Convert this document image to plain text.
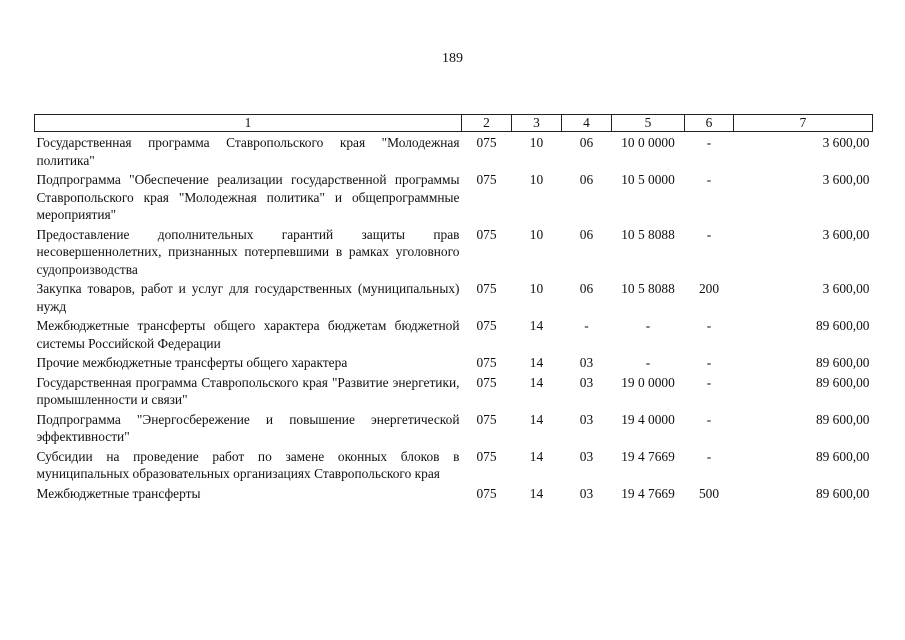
189
1	2	3	4	5	6	7
Государственная программа Ставропольского края "Молодежная политика"	075	10	06	10 0 0000	-	3 600,00
Подпрограмма "Обеспечение реализации государственной программы Ставропольского края "Молодежная политика" и общепрограммные мероприятия"	075	10	06	10 5 0000	-	3 600,00
Предоставление дополнительных гарантий защиты прав несовершеннолетних, признанных потерпевшими в рамках уголовного судопроизводства	075	10	06	10 5 8088	-	3 600,00
Закупка товаров, работ и услуг для государственных (муниципальных) нужд	075	10	06	10 5 8088	200	3 600,00
Межбюджетные трансферты общего характера бюджетам бюджетной системы Российской Федерации	075	14	-	-	-	89 600,00
Прочие межбюджетные трансферты общего характера	075	14	03	-	-	89 600,00
Государственная программа Ставропольского края "Развитие энергетики, промышленности и связи"	075	14	03	19 0 0000	-	89 600,00
Подпрограмма "Энергосбережение и повышение энергетической эффективности"	075	14	03	19 4 0000	-	89 600,00
Субсидии на проведение работ по замене оконных блоков в муниципальных образовательных организациях Ставропольского края	075	14	03	19 4 7669	-	89 600,00
Межбюджетные трансферты	075	14	03	19 4 7669	500	89 600,00
